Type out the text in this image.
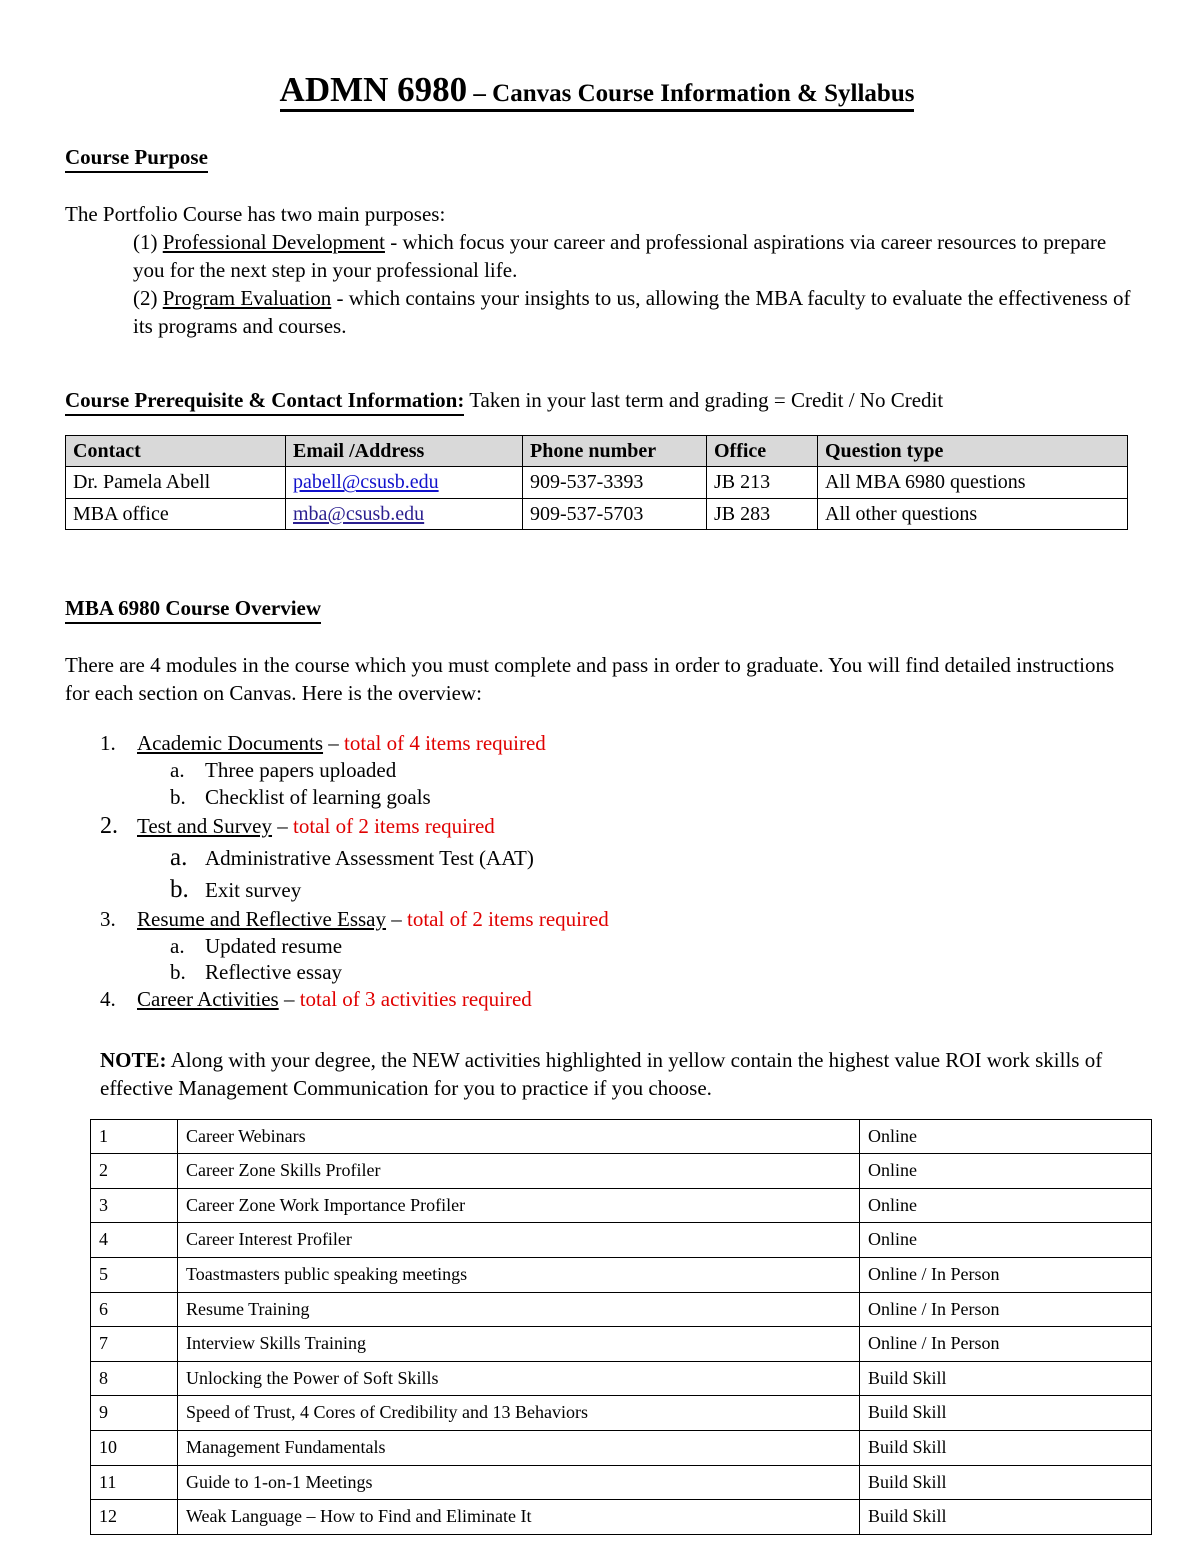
ADMN 6980 – Canvas Course Information & Syllabus
Course Purpose

The Portfolio Course has two main purposes:

(1) Professional Development - which focus your career and professional aspirations via career resources to prepare you for the next step in your professional life.

(2) Program Evaluation - which contains your insights to us, allowing the MBA faculty to evaluate the effectiveness of its programs and courses.

Course Prerequisite & Contact Information: Taken in your last term and grading = Credit / No Credit

Contact	Email /Address	Phone number	Office	Question type
Dr. Pamela Abell	pabell@csusb.edu	909-537-3393	JB 213	All MBA 6980 questions
MBA office	mba@csusb.edu	909-537-5703	JB 283	All other questions
MBA 6980 Course Overview

There are 4 modules in the course which you must complete and pass in order to graduate. You will find detailed instructions for each section on Canvas. Here is the overview:

1.	Academic Documents – total of 4 items required
a. Three papers uploaded
b. Checklist of learning goals
2. Test and Survey – total of 2 items required
a. Administrative Assessment Test (AAT)
b. Exit survey
3.	Resume and Reflective Essay – total of 2 items required
a. Updated resume
b. Reflective essay
4.	Career Activities – total of 3 activities required

NOTE: Along with your degree, the NEW activities highlighted in yellow contain the highest value ROI work skills of effective Management Communication for you to practice if you choose.

1	Career Webinars	Online
2	Career Zone Skills Profiler	Online
3	Career Zone Work Importance Profiler	Online
4	Career Interest Profiler	Online
5	Toastmasters public speaking meetings	Online / In Person
6	Resume Training	Online / In Person
7	Interview Skills Training	Online / In Person
8	Unlocking the Power of Soft Skills	Build Skill
9	Speed of Trust, 4 Cores of Credibility and 13 Behaviors	Build Skill
10	Management Fundamentals	Build Skill
11	Guide to 1-on-1 Meetings	Build Skill
12	Weak Language – How to Find and Eliminate It	Build Skill
